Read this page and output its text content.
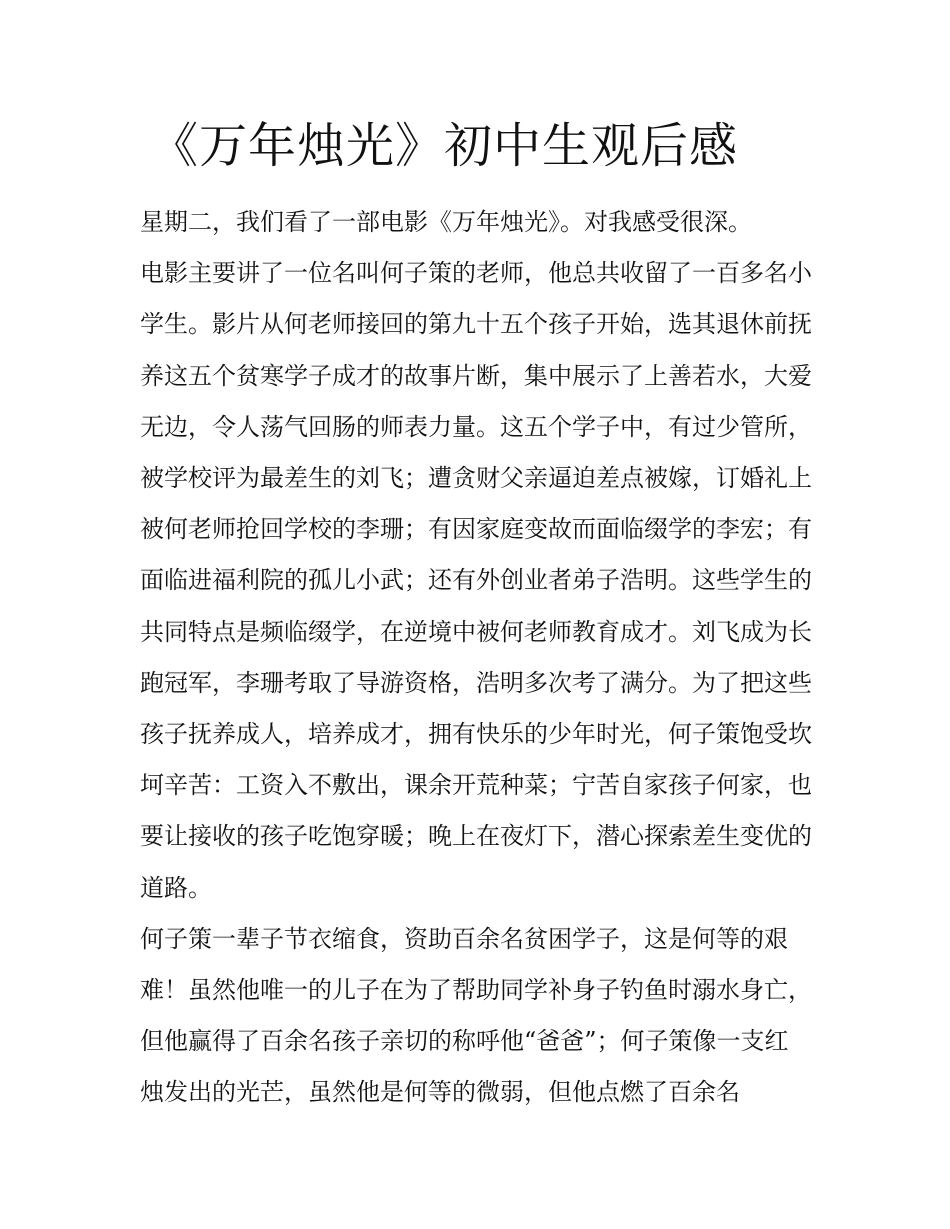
《万年烛光》初中生观后感

星期二，我们看了一部电影《万年烛光》。对我感受很深。

电影主要讲了一位名叫何子策的老师，他总共收留了一百多名小学生。影片从何老师接回的第九十五个孩子开始，选其退休前抚养这五个贫寒学子成才的故事片断，集中展示了上善若水，大爱无边，令人荡气回肠的师表力量。这五个学子中，有过少管所，被学校评为最差生的刘飞；遭贪财父亲逼迫差点被嫁，订婚礼上被何老师抢回学校的李珊；有因家庭变故而面临缀学的李宏；有面临进福利院的孤儿小武；还有外创业者弟子浩明。这些学生的共同特点是频临缀学，在逆境中被何老师教育成才。刘飞成为长跑冠军，李珊考取了导游资格，浩明多次考了满分。为了把这些孩子抚养成人，培养成才，拥有快乐的少年时光，何子策饱受坎坷辛苦：工资入不敷出，课余开荒种菜；宁苦自家孩子何家，也要让接收的孩子吃饱穿暖；晚上在夜灯下，潜心探索差生变优的道路。

何子策一辈子节衣缩食，资助百余名贫困学子，这是何等的艰难！虽然他唯一的儿子在为了帮助同学补身子钓鱼时溺水身亡，但他赢得了百余名孩子亲切的称呼他“爸爸”；何子策像一支红烛发出的光芒，虽然他是何等的微弱，但他点燃了百余名
